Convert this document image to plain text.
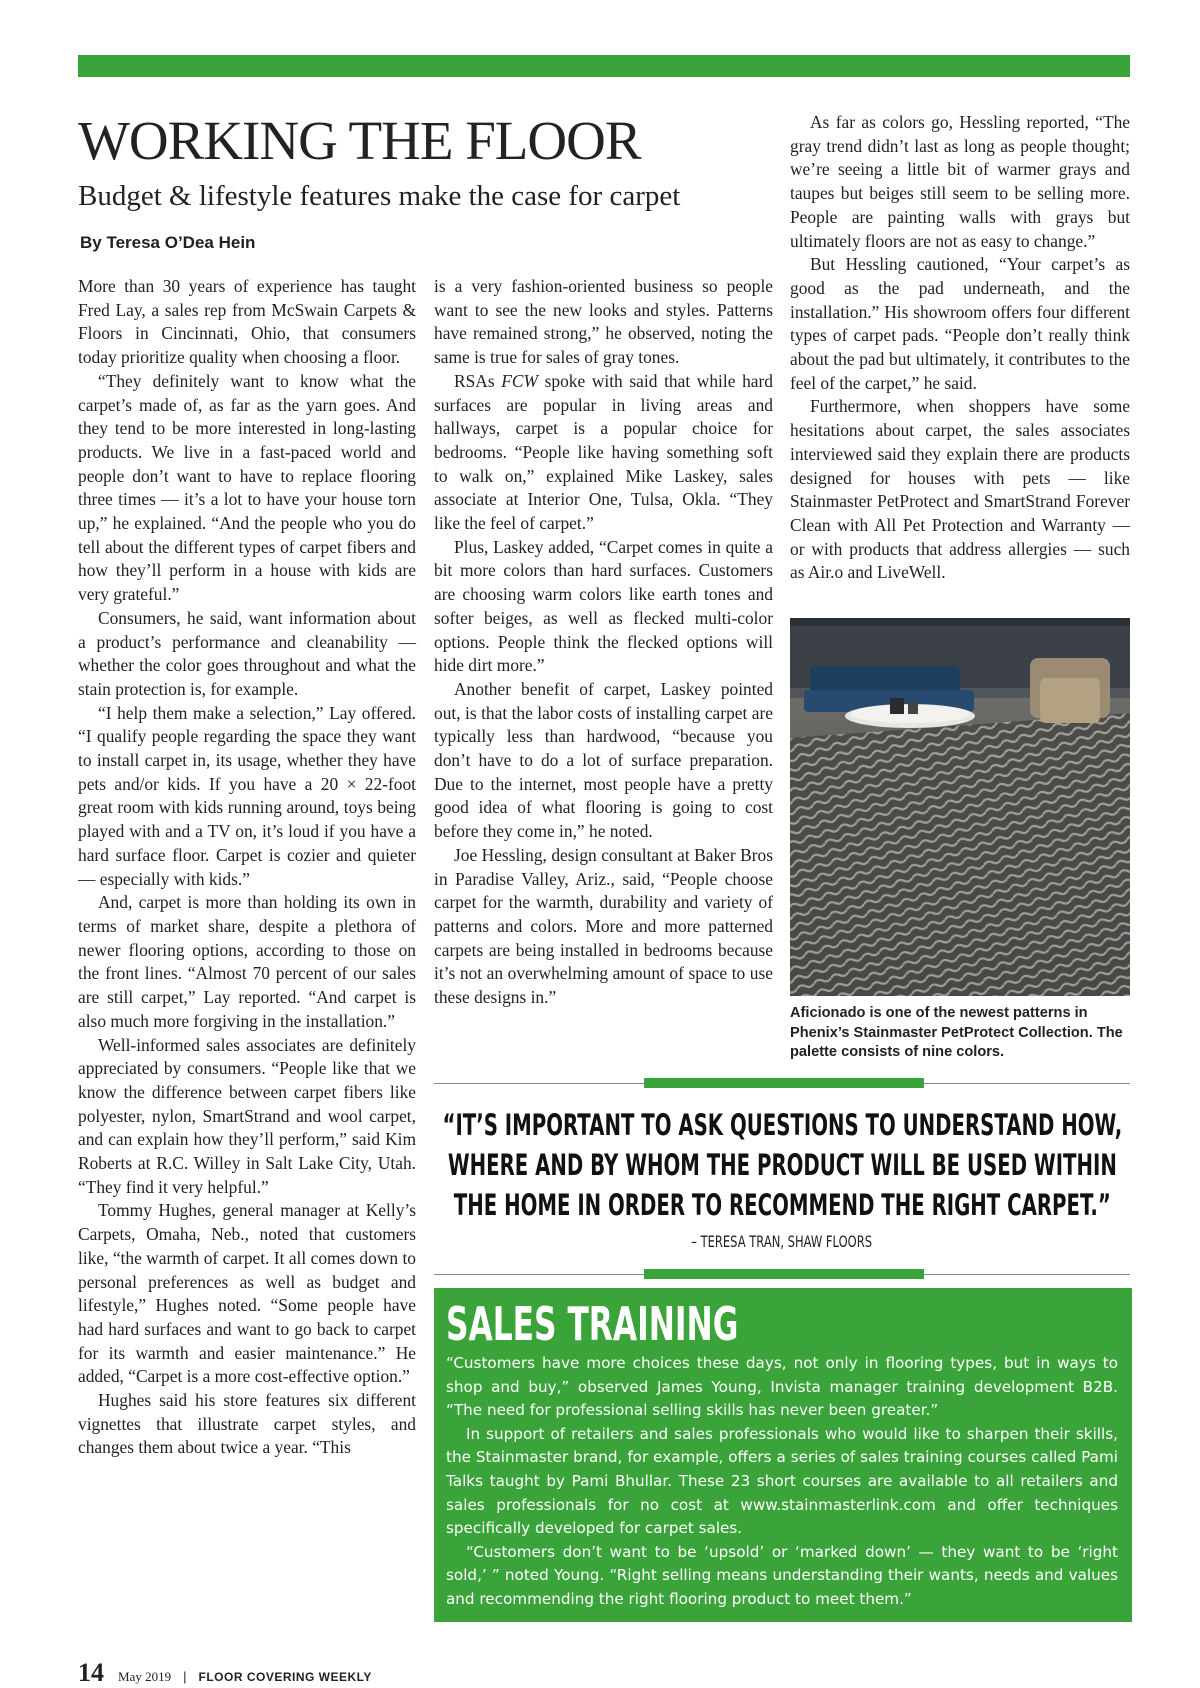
WORKING THE FLOOR
Budget & lifestyle features make the case for carpet
By Teresa O’Dea Hein

More than 30 years of experience has taught Fred Lay, a sales rep from McSwain Carpets & Floors in Cincinnati, Ohio, that consumers today prioritize quality when choosing a floor.

“They definitely want to know what the carpet’s made of, as far as the yarn goes. And they tend to be more interested in long-lasting products. We live in a fast-paced world and people don’t want to have to replace flooring three times — it’s a lot to have your house torn up,” he explained. “And the people who you do tell about the different types of carpet fibers and how they’ll perform in a house with kids are very grateful.”

Consumers, he said, want information about a product’s performance and cleanability — whether the color goes throughout and what the stain protection is, for example.

“I help them make a selection,” Lay offered. “I qualify people regarding the space they want to install carpet in, its usage, whether they have pets and/or kids. If you have a 20 × 22-foot great room with kids running around, toys being played with and a TV on, it’s loud if you have a hard surface floor. Carpet is cozier and quieter — especially with kids.”

And, carpet is more than holding its own in terms of market share, despite a plethora of newer flooring options, according to those on the front lines. “Almost 70 percent of our sales are still carpet,” Lay reported. “And carpet is also much more forgiving in the installation.”

Well-informed sales associates are definitely appreciated by consumers. “People like that we know the difference between carpet fibers like polyester, nylon, SmartStrand and wool carpet, and can explain how they’ll perform,” said Kim Roberts at R.C. Willey in Salt Lake City, Utah. “They find it very helpful.”

Tommy Hughes, general manager at Kelly’s Carpets, Omaha, Neb., noted that customers like, “the warmth of carpet. It all comes down to personal preferences as well as budget and lifestyle,” Hughes noted. “Some people have had hard surfaces and want to go back to carpet for its warmth and easier maintenance.” He added, “Carpet is a more cost-effective option.”

Hughes said his store features six different vignettes that illustrate carpet styles, and changes them about twice a year. “This

is a very fashion-oriented business so people want to see the new looks and styles. Patterns have remained strong,” he observed, noting the same is true for sales of gray tones.

RSAs FCW spoke with said that while hard surfaces are popular in living areas and hallways, carpet is a popular choice for bedrooms. “People like having something soft to walk on,” explained Mike Laskey, sales associate at Interior One, Tulsa, Okla. “They like the feel of carpet.”

Plus, Laskey added, “Carpet comes in quite a bit more colors than hard surfaces. Customers are choosing warm colors like earth tones and softer beiges, as well as flecked multi-color options. People think the flecked options will hide dirt more.”

Another benefit of carpet, Laskey pointed out, is that the labor costs of installing carpet are typically less than hardwood, “because you don’t have to do a lot of surface preparation. Due to the internet, most people have a pretty good idea of what flooring is going to cost before they come in,” he noted.

Joe Hessling, design consultant at Baker Bros in Paradise Valley, Ariz., said, “People choose carpet for the warmth, durability and variety of patterns and colors. More and more patterned carpets are being installed in bedrooms because it’s not an overwhelming amount of space to use these designs in.”

As far as colors go, Hessling reported, “The gray trend didn’t last as long as people thought; we’re seeing a little bit of warmer grays and taupes but beiges still seem to be selling more. People are painting walls with grays but ultimately floors are not as easy to change.”

But Hessling cautioned, “Your carpet’s as good as the pad underneath, and the installation.” His showroom offers four different types of carpet pads. “People don’t really think about the pad but ultimately, it contributes to the feel of the carpet,” he said.

Furthermore, when shoppers have some hesitations about carpet, the sales associates interviewed said they explain there are products designed for houses with pets — like Stainmaster PetProtect and SmartStrand Forever Clean with All Pet Protection and Warranty — or with products that address allergies — such as Air.o and LiveWell.

Aficionado is one of the newest patterns in Phenix’s Stainmaster PetProtect Collection. The palette consists of nine colors.
“IT’S IMPORTANT TO ASK QUESTIONS TO UNDERSTAND HOW, WHERE AND BY WHOM THE PRODUCT WILL BE USED WITHIN THE HOME IN ORDER TO RECOMMEND THE RIGHT CARPET.”
– TERESA TRAN, SHAW FLOORS
SALES TRAINING

“Customers have more choices these days, not only in flooring types, but in ways to shop and buy,” observed James Young, Invista manager training development B2B. “The need for professional selling skills has never been greater.”

In support of retailers and sales professionals who would like to sharpen their skills, the Stainmaster brand, for example, offers a series of sales training courses called Pami Talks taught by Pami Bhullar. These 23 short courses are available to all retailers and sales professionals for no cost at www.stainmasterlink.com and offer techniques specifically developed for carpet sales.

“Customers don’t want to be ‘upsold’ or ‘marked down’ — they want to be ‘right sold,’ ” noted Young. “Right selling means understanding their wants, needs and values and recommending the right flooring product to meet them.”

14 May 2019 | FLOOR COVERING WEEKLY
